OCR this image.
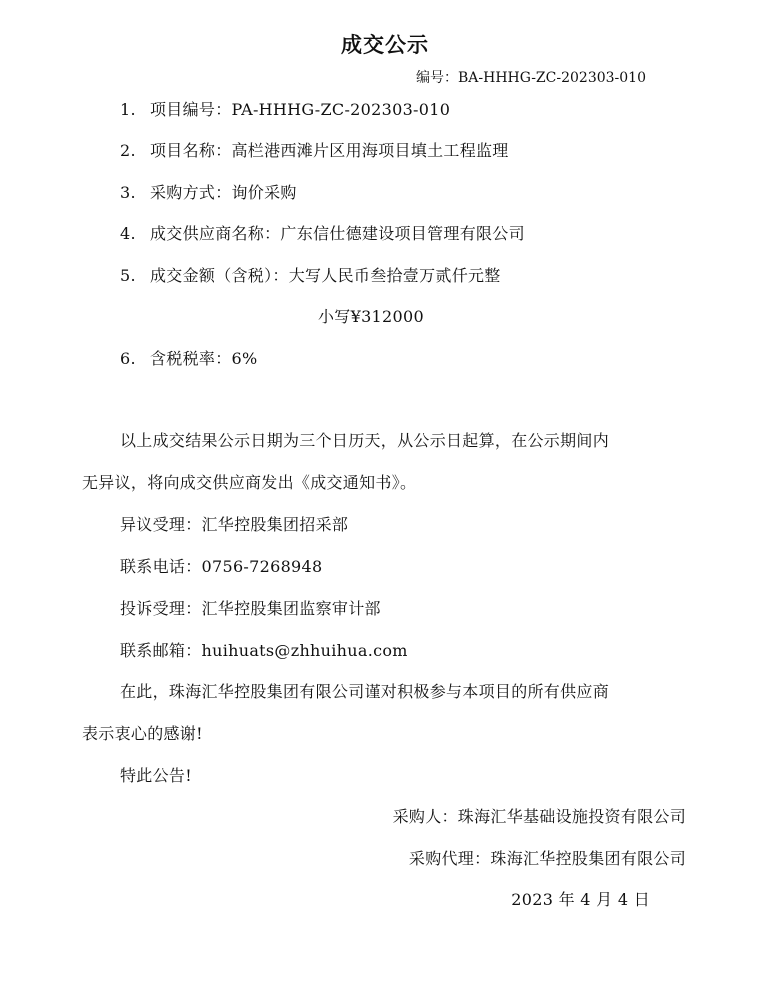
成交公示
编号：BA-HHHG-ZC-202303-010
1. 项目编号：PA-HHHG-ZC-202303-010
2. 项目名称：高栏港西滩片区用海项目填土工程监理
3. 采购方式：询价采购
4. 成交供应商名称：广东信仕德建设项目管理有限公司
5. 成交金额（含税）：大写人民币叁拾壹万贰仟元整
小写¥312000
6. 含税税率：6%
以上成交结果公示日期为三个日历天，从公示日起算，在公示期间内
无异议，将向成交供应商发出《成交通知书》。
异议受理：汇华控股集团招采部
联系电话：0756-7268948
投诉受理：汇华控股集团监察审计部
联系邮箱：huihuats@zhhuihua.com
在此，珠海汇华控股集团有限公司谨对积极参与本项目的所有供应商
表示衷心的感谢!
特此公告!
采购人：珠海汇华基础设施投资有限公司
采购代理：珠海汇华控股集团有限公司
2023 年 4 月 4 日
